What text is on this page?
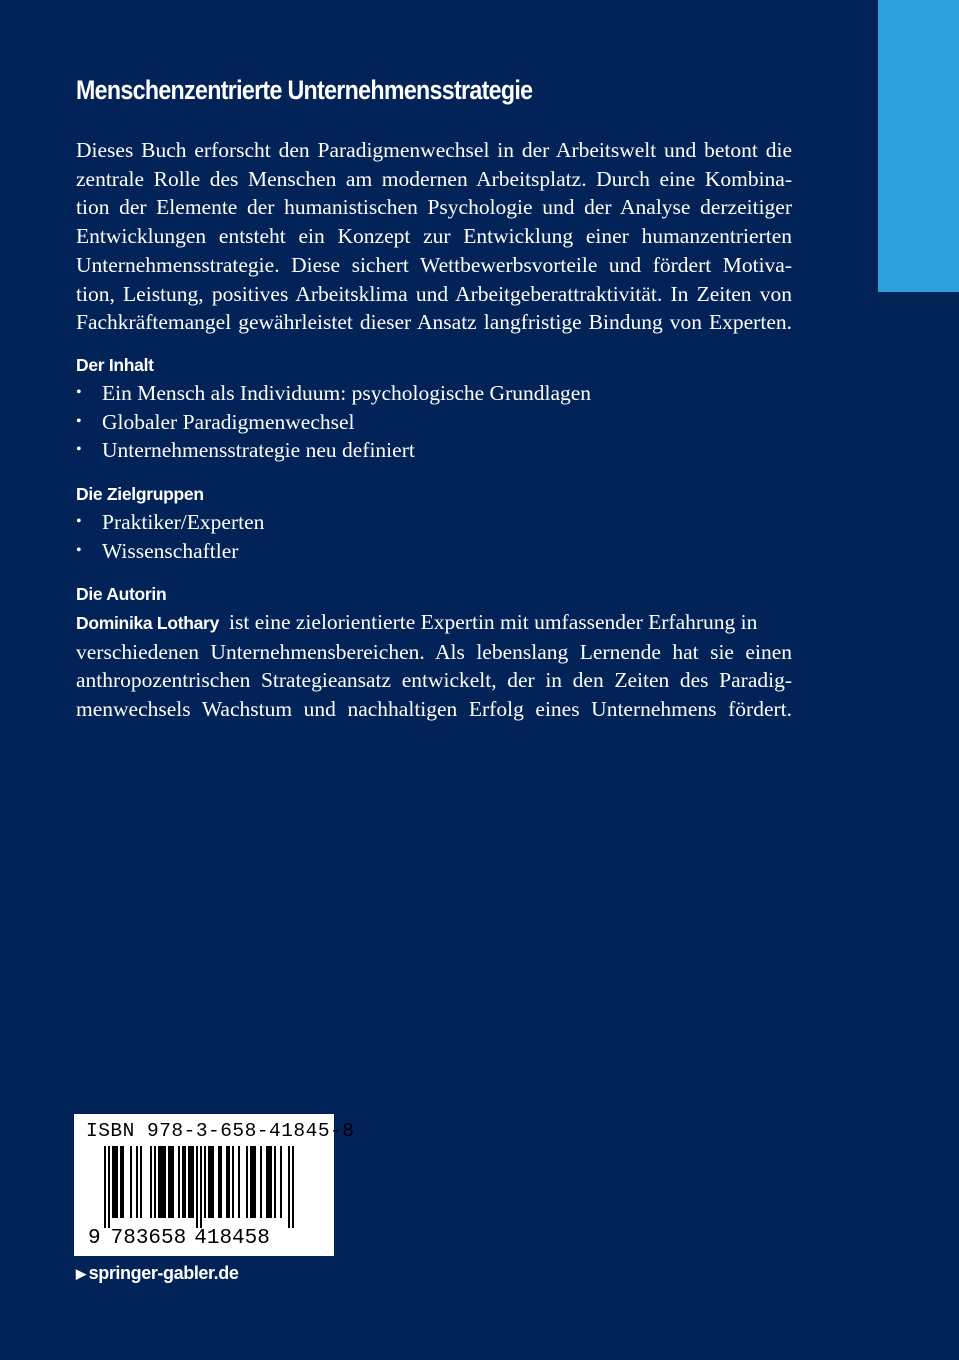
Menschenzentrierte Unternehmensstrategie
Dieses Buch erforscht den Paradigmenwechsel in der Arbeitswelt und betont die
zentrale Rolle des Menschen am modernen Arbeitsplatz. Durch eine Kombina-
tion der Elemente der humanistischen Psychologie und der Analyse derzeitiger
Entwicklungen entsteht ein Konzept zur Entwicklung einer humanzentrierten
Unternehmensstrategie. Diese sichert Wettbewerbsvorteile und fördert Motiva-
tion, Leistung, positives Arbeitsklima und Arbeitgeberattraktivität. In Zeiten von
Fachkräftemangel gewährleistet dieser Ansatz langfristige Bindung von Experten.
Der Inhalt
• Ein Mensch als Individuum: psychologische Grundlagen
• Globaler Paradigmenwechsel
• Unternehmensstrategie neu definiert
Die Zielgruppen
• Praktiker/Experten
• Wissenschaftler
Die Autorin
Dominika Lothary ist eine zielorientierte Expertin mit umfassender Erfahrung in
verschiedenen Unternehmensbereichen. Als lebenslang Lernende hat sie einen
anthropozentrischen Strategieansatz entwickelt, der in den Zeiten des Paradig-
menwechsels Wachstum und nachhaltigen Erfolg eines Unternehmens fördert.
ISBN 978-3-658-41845-8
9 783658 418458
▶ springer-gabler.de
